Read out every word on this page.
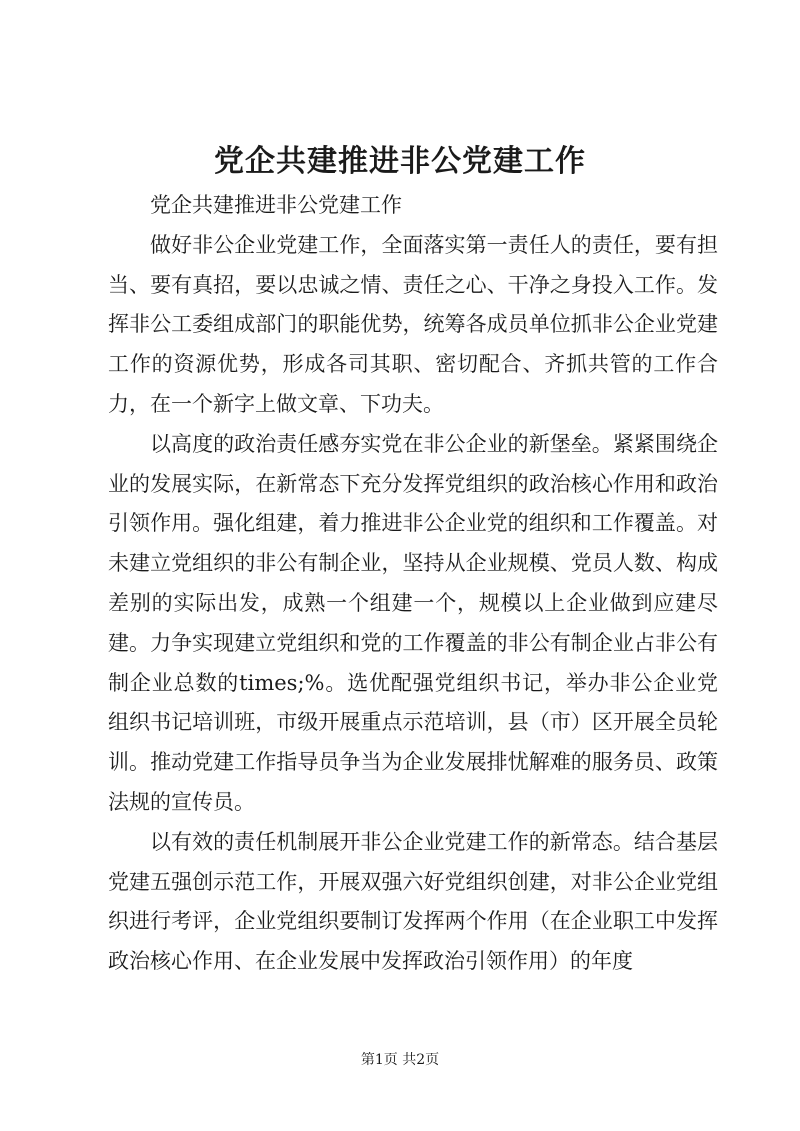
党企共建推进非公党建工作

党企共建推进非公党建工作

做好非公企业党建工作，全面落实第一责任人的责任，要有担当、要有真招，要以忠诚之情、责任之心、干净之身投入工作。发挥非公工委组成部门的职能优势，统筹各成员单位抓非公企业党建工作的资源优势，形成各司其职、密切配合、齐抓共管的工作合力，在一个新字上做文章、下功夫。

以高度的政治责任感夯实党在非公企业的新堡垒。紧紧围绕企业的发展实际，在新常态下充分发挥党组织的政治核心作用和政治引领作用。强化组建，着力推进非公企业党的组织和工作覆盖。对未建立党组织的非公有制企业，坚持从企业规模、党员人数、构成差别的实际出发，成熟一个组建一个，规模以上企业做到应建尽建。力争实现建立党组织和党的工作覆盖的非公有制企业占非公有制企业总数的times;%。选优配强党组织书记，举办非公企业党组织书记培训班，市级开展重点示范培训，县（市）区开展全员轮训。推动党建工作指导员争当为企业发展排忧解难的服务员、政策法规的宣传员。

以有效的责任机制展开非公企业党建工作的新常态。结合基层党建五强创示范工作，开展双强六好党组织创建，对非公企业党组织进行考评，企业党组织要制订发挥两个作用（在企业职工中发挥政治核心作用、在企业发展中发挥政治引领作用）的年度

第1页 共2页
